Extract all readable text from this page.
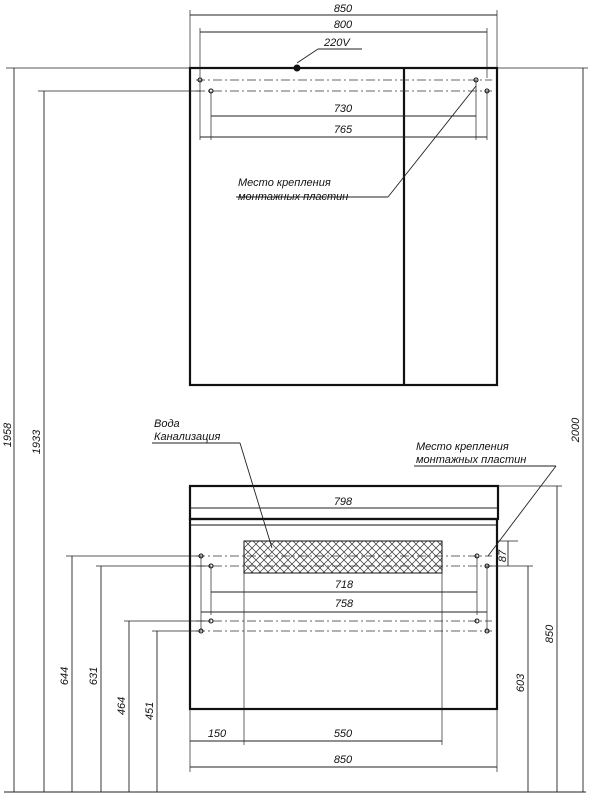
850
800
220V
730
765
Место крепления
монтажных пластин
798
718
758
150	550
850
Вода
Канализация
Место крепления
монтажных пластин
1958 1933
644 631
464 451
2000
850
603
87
